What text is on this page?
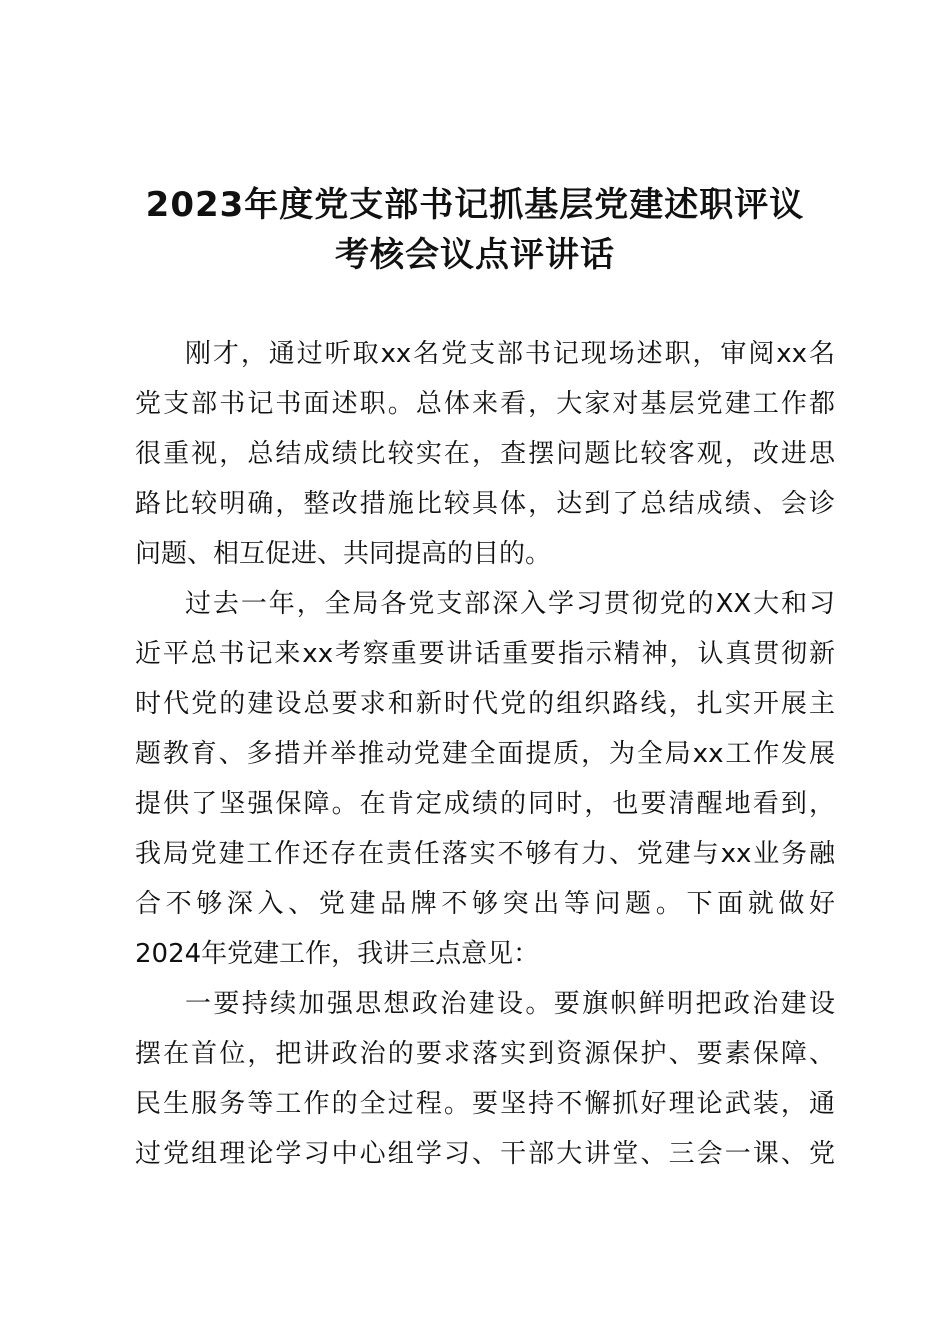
2023年度党支部书记抓基层党建述职评议
考核会议点评讲话
刚才，通过听取xx名党支部书记现场述职，审阅xx名
党支部书记书面述职。总体来看，大家对基层党建工作都
很重视，总结成绩比较实在，查摆问题比较客观，改进思
路比较明确，整改措施比较具体，达到了总结成绩、会诊
问题、相互促进、共同提高的目的。
过去一年，全局各党支部深入学习贯彻党的XX大和习
近平总书记来xx考察重要讲话重要指示精神，认真贯彻新
时代党的建设总要求和新时代党的组织路线，扎实开展主
题教育、多措并举推动党建全面提质，为全局xx工作发展
提供了坚强保障。在肯定成绩的同时，也要清醒地看到，
我局党建工作还存在责任落实不够有力、党建与xx业务融
合不够深入、党建品牌不够突出等问题。下面就做好
2024年党建工作，我讲三点意见：
一要持续加强思想政治建设。要旗帜鲜明把政治建设
摆在首位，把讲政治的要求落实到资源保护、要素保障、
民生服务等工作的全过程。要坚持不懈抓好理论武装，通
过党组理论学习中心组学习、干部大讲堂、三会一课、党
